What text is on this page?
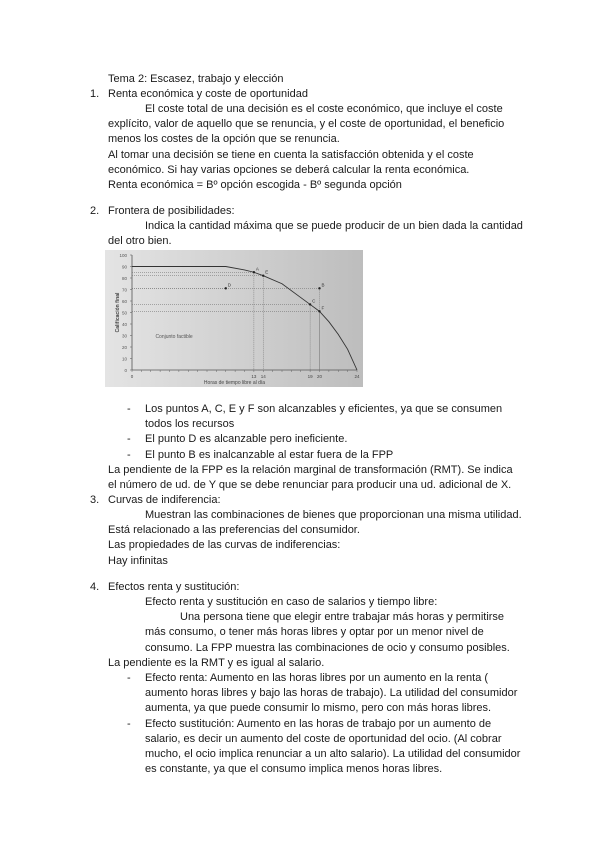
Tema 2: Escasez, trabajo y elección
1. Renta económica y coste de oportunidad
El coste total de una decisión es el coste económico, que incluye el coste
explícito, valor de aquello que se renuncia, y el coste de oportunidad, el beneficio
menos los costes de la opción que se renuncia.
Al tomar una decisión se tiene en cuenta la satisfacción obtenida y el coste
económico. Si hay varias opciones se deberá calcular la renta económica.
Renta económica = Bº opción escogida - Bº segunda opción
2. Frontera de posibilidades:
Indica la cantidad máxima que se puede producir de un bien dada la cantidad
del otro bien.
- Los puntos A, C, E y F son alcanzables y eficientes, ya que se consumen
todos los recursos
- El punto D es alcanzable pero ineficiente.
- El punto B es inalcanzable al estar fuera de la FPP
La pendiente de la FPP es la relación marginal de transformación (RMT). Se indica
el número de ud. de Y que se debe renunciar para producir una ud. adicional de X.
3. Curvas de indiferencia:
Muestran las combinaciones de bienes que proporcionan una misma utilidad.
Está relacionado a las preferencias del consumidor.
Las propiedades de las curvas de indiferencias:
Hay infinitas
4. Efectos renta y sustitución:
Efecto renta y sustitución en caso de salarios y tiempo libre:
Una persona tiene que elegir entre trabajar más horas y permitirse
más consumo, o tener más horas libres y optar por un menor nivel de
consumo. La FPP muestra las combinaciones de ocio y consumo posibles.
La pendiente es la RMT y es igual al salario.
- Efecto renta: Aumento en las horas libres por un aumento en la renta (
aumento horas libres y bajo las horas de trabajo). La utilidad del consumidor
aumenta, ya que puede consumir lo mismo, pero con más horas libres.
- Efecto sustitución: Aumento en las horas de trabajo por un aumento de
salario, es decir un aumento del coste de oportunidad del ocio. (Al cobrar
mucho, el ocio implica renunciar a un alto salario). La utilidad del consumidor
es constante, ya que el consumo implica menos horas libres.
0
10
20
30
40
50
60
70
80
90
100
0	13 14	19 20	24
Horas de tiempo libre al día
Calificación final
A
E
D	B
C
F
Conjunto factible
